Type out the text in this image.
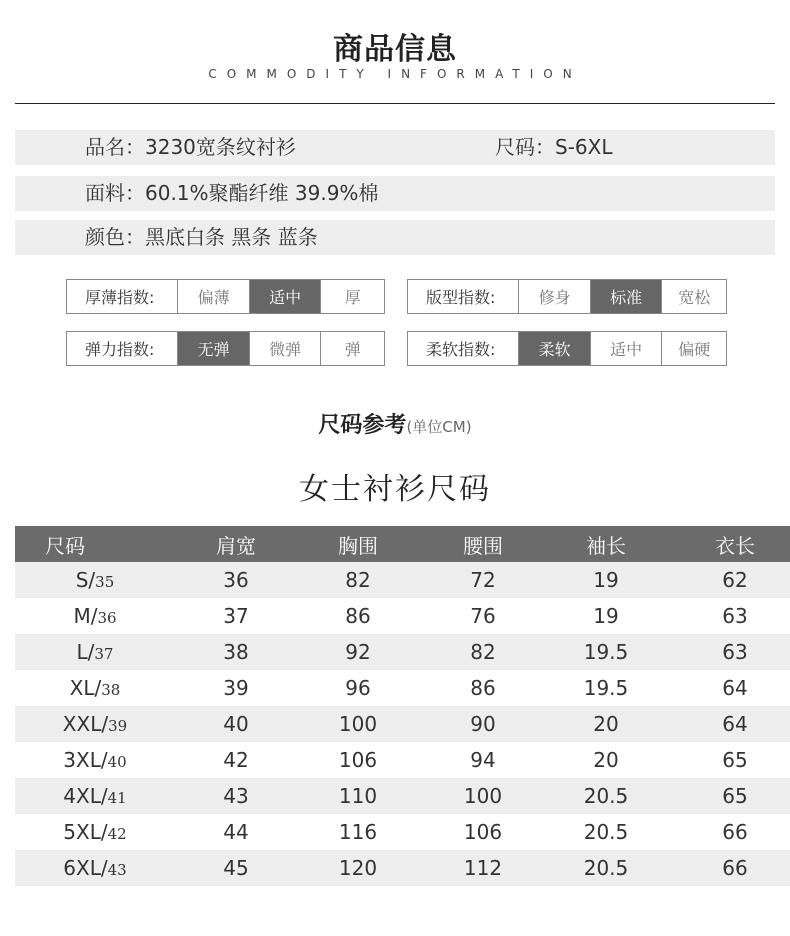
商品信息
COMMODITY INFORMATION
品名：3230宽条纹衬衫	尺码：S-6XL
面料：60.1%聚酯纤维 39.9%棉
颜色：黑底白条 黑条 蓝条
厚薄指数:	偏薄	适中	厚	版型指数:	修身	标准	宽松
弹力指数:	无弹	微弹	弹	柔软指数:	柔软	适中	偏硬
尺码参考(单位CM)
女士衬衫尺码
尺码	肩宽	胸围	腰围	袖长	衣长
S/35	36	82	72	19	62
M/36	37	86	76	19	63
L/37	38	92	82	19.5	63
XL/38	39	96	86	19.5	64
XXL/39	40	100	90	20	64
3XL/40	42	106	94	20	65
4XL/41	43	110	100	20.5	65
5XL/42	44	116	106	20.5	66
6XL/43	45	120	112	20.5	66
